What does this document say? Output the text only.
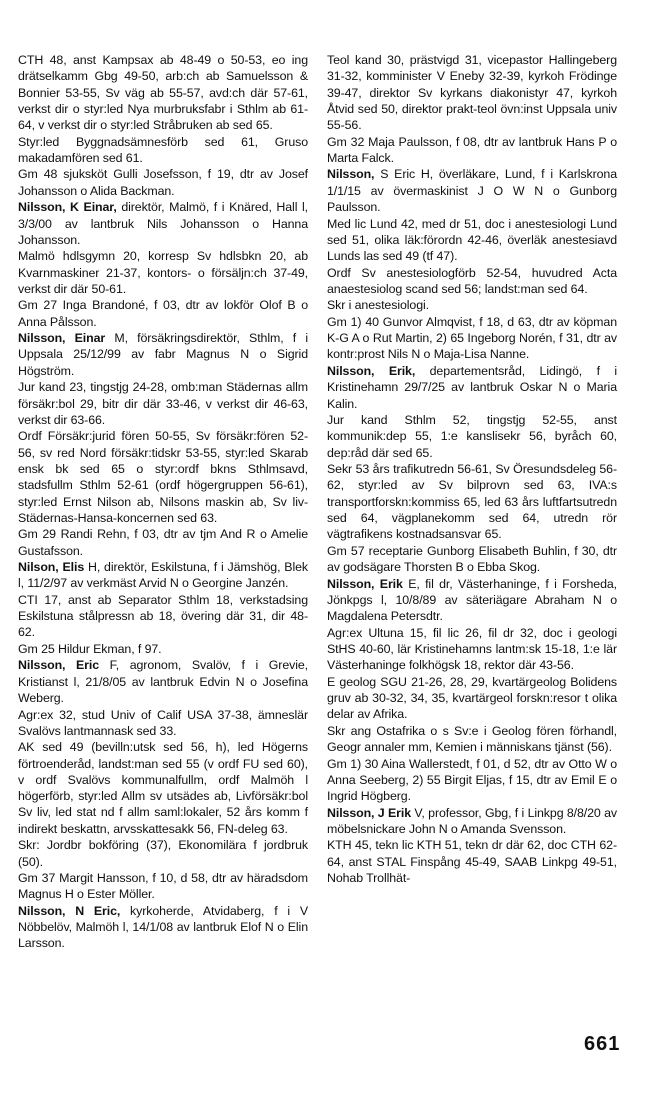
CTH 48, anst Kampsax ab 48-49 o 50-53, eo ing drätselkamm Gbg 49-50, arb:ch ab Samuelsson & Bonnier 53-55, Sv väg ab 55-57, avd:ch där 57-61, verkst dir o styr:led Nya murbruksfabr i Sthlm ab 61-64, v verkst dir o styr:led Stråbruken ab sed 65.

Styr:led Byggnadsämnesförb sed 61, Gruso makadamfören sed 61.

Gm 48 sjuksköt Gulli Josefsson, f 19, dtr av Josef Johansson o Alida Backman.

Nilsson, K Einar, direktör, Malmö, f i Knäred, Hall l, 3/3/00 av lantbruk Nils Johansson o Hanna Johansson.

Malmö hdlsgymn 20, korresp Sv hdlsbkn 20, ab Kvarnmaskiner 21-37, kontors- o försäljn:ch 37-49, verkst dir där 50-61.

Gm 27 Inga Brandoné, f 03, dtr av lokför Olof B o Anna Pålsson.

Nilsson, Einar M, försäkringsdirektör, Sthlm, f i Uppsala 25/12/99 av fabr Magnus N o Sigrid Högström.

Jur kand 23, tingstjg 24-28, omb:man Städernas allm försäkr:bol 29, bitr dir där 33-46, v verkst dir 46-63, verkst dir 63-66.

Ordf Försäkr:jurid fören 50-55, Sv försäkr:fören 52-56, sv red Nord försäkr:tidskr 53-55, styr:led Skarab ensk bk sed 65 o styr:ordf bkns Sthlmsavd, stadsfullm Sthlm 52-61 (ordf högergruppen 56-61), styr:led Ernst Nilson ab, Nilsons maskin ab, Sv liv-Städernas-Hansa-koncernen sed 63.

Gm 29 Randi Rehn, f 03, dtr av tjm And R o Amelie Gustafsson.

Nilson, Elis H, direktör, Eskilstuna, f i Jämshög, Blek l, 11/2/97 av verkmäst Arvid N o Georgine Janzén.

CTI 17, anst ab Separator Sthlm 18, verkstadsing Eskilstuna stålpressn ab 18, övering där 31, dir 48-62.

Gm 25 Hildur Ekman, f 97.

Nilsson, Eric F, agronom, Svalöv, f i Grevie, Kristianst l, 21/8/05 av lantbruk Edvin N o Josefina Weberg.

Agr:ex 32, stud Univ of Calif USA 37-38, ämneslär Svalövs lantmannask sed 33.

AK sed 49 (bevilln:utsk sed 56, h), led Högerns förtroenderåd, landst:man sed 55 (v ordf FU sed 60), v ordf Svalövs kommunalfullm, ordf Malmöh l högerförb, styr:led Allm sv utsädes ab, Livförsäkr:bol Sv liv, led stat nd f allm saml:lokaler, 52 års komm f indirekt beskattn, arvsskattesakk 56, FN-deleg 63.

Skr: Jordbr bokföring (37), Ekonomilära f jordbruk (50).

Gm 37 Margit Hansson, f 10, d 58, dtr av häradsdom Magnus H o Ester Möller.

Nilsson, N Eric, kyrkoherde, Atvidaberg, f i V Nöbbelöv, Malmöh l, 14/1/08 av lantbruk Elof N o Elin Larsson.

Teol kand 30, prästvigd 31, vicepastor Hallingeberg 31-32, komminister V Eneby 32-39, kyrkoh Frödinge 39-47, direktor Sv kyrkans diakonistyr 47, kyrkoh Åtvid sed 50, direktor prakt-teol övn:inst Uppsala univ 55-56.

Gm 32 Maja Paulsson, f 08, dtr av lantbruk Hans P o Marta Falck.

Nilsson, S Eric H, överläkare, Lund, f i Karlskrona 1/1/15 av övermaskinist J O W N o Gunborg Paulsson.

Med lic Lund 42, med dr 51, doc i anestesiologi Lund sed 51, olika läk:förordn 42-46, överläk anestesiavd Lunds las sed 49 (tf 47).

Ordf Sv anestesiologförb 52-54, huvudred Acta anaestesiolog scand sed 56; landst:man sed 64.

Skr i anestesiologi.

Gm 1) 40 Gunvor Almqvist, f 18, d 63, dtr av köpman K-G A o Rut Martin, 2) 65 Ingeborg Norén, f 31, dtr av kontr:prost Nils N o Maja-Lisa Nanne.

Nilsson, Erik, departementsråd, Lidingö, f i Kristinehamn 29/7/25 av lantbruk Oskar N o Maria Kalin.

Jur kand Sthlm 52, tingstjg 52-55, anst kommunik:dep 55, 1:e kanslisekr 56, byråch 60, dep:råd där sed 65.

Sekr 53 års trafikutredn 56-61, Sv Öresundsdeleg 56-62, styr:led av Sv bilprovn sed 63, IVA:s transportforskn:kommiss 65, led 63 års luftfartsutredn sed 64, vägplanekomm sed 64, utredn rör vägtrafikens kostnadsansvar 65.

Gm 57 receptarie Gunborg Elisabeth Buhlin, f 30, dtr av godsägare Thorsten B o Ebba Skog.

Nilsson, Erik E, fil dr, Västerhaninge, f i Forsheda, Jönkpgs l, 10/8/89 av säteriägare Abraham N o Magdalena Petersdtr.

Agr:ex Ultuna 15, fil lic 26, fil dr 32, doc i geologi StHS 40-60, lär Kristinehamns lantm:sk 15-18, 1:e lär Västerhaninge folkhögsk 18, rektor där 43-56.

E geolog SGU 21-26, 28, 29, kvartärgeolog Bolidens gruv ab 30-32, 34, 35, kvartärgeol forskn:resor t olika delar av Afrika.

Skr ang Ostafrika o s Sv:e i Geolog fören förhandl, Geogr annaler mm, Kemien i människans tjänst (56).

Gm 1) 30 Aina Wallerstedt, f 01, d 52, dtr av Otto W o Anna Seeberg, 2) 55 Birgit Eljas, f 15, dtr av Emil E o Ingrid Högberg.

Nilsson, J Erik V, professor, Gbg, f i Linkpg 8/8/20 av möbelsnickare John N o Amanda Svensson.

KTH 45, tekn lic KTH 51, tekn dr där 62, doc CTH 62-64, anst STAL Finspång 45-49, SAAB Linkpg 49-51, Nohab Trollhät-

661
